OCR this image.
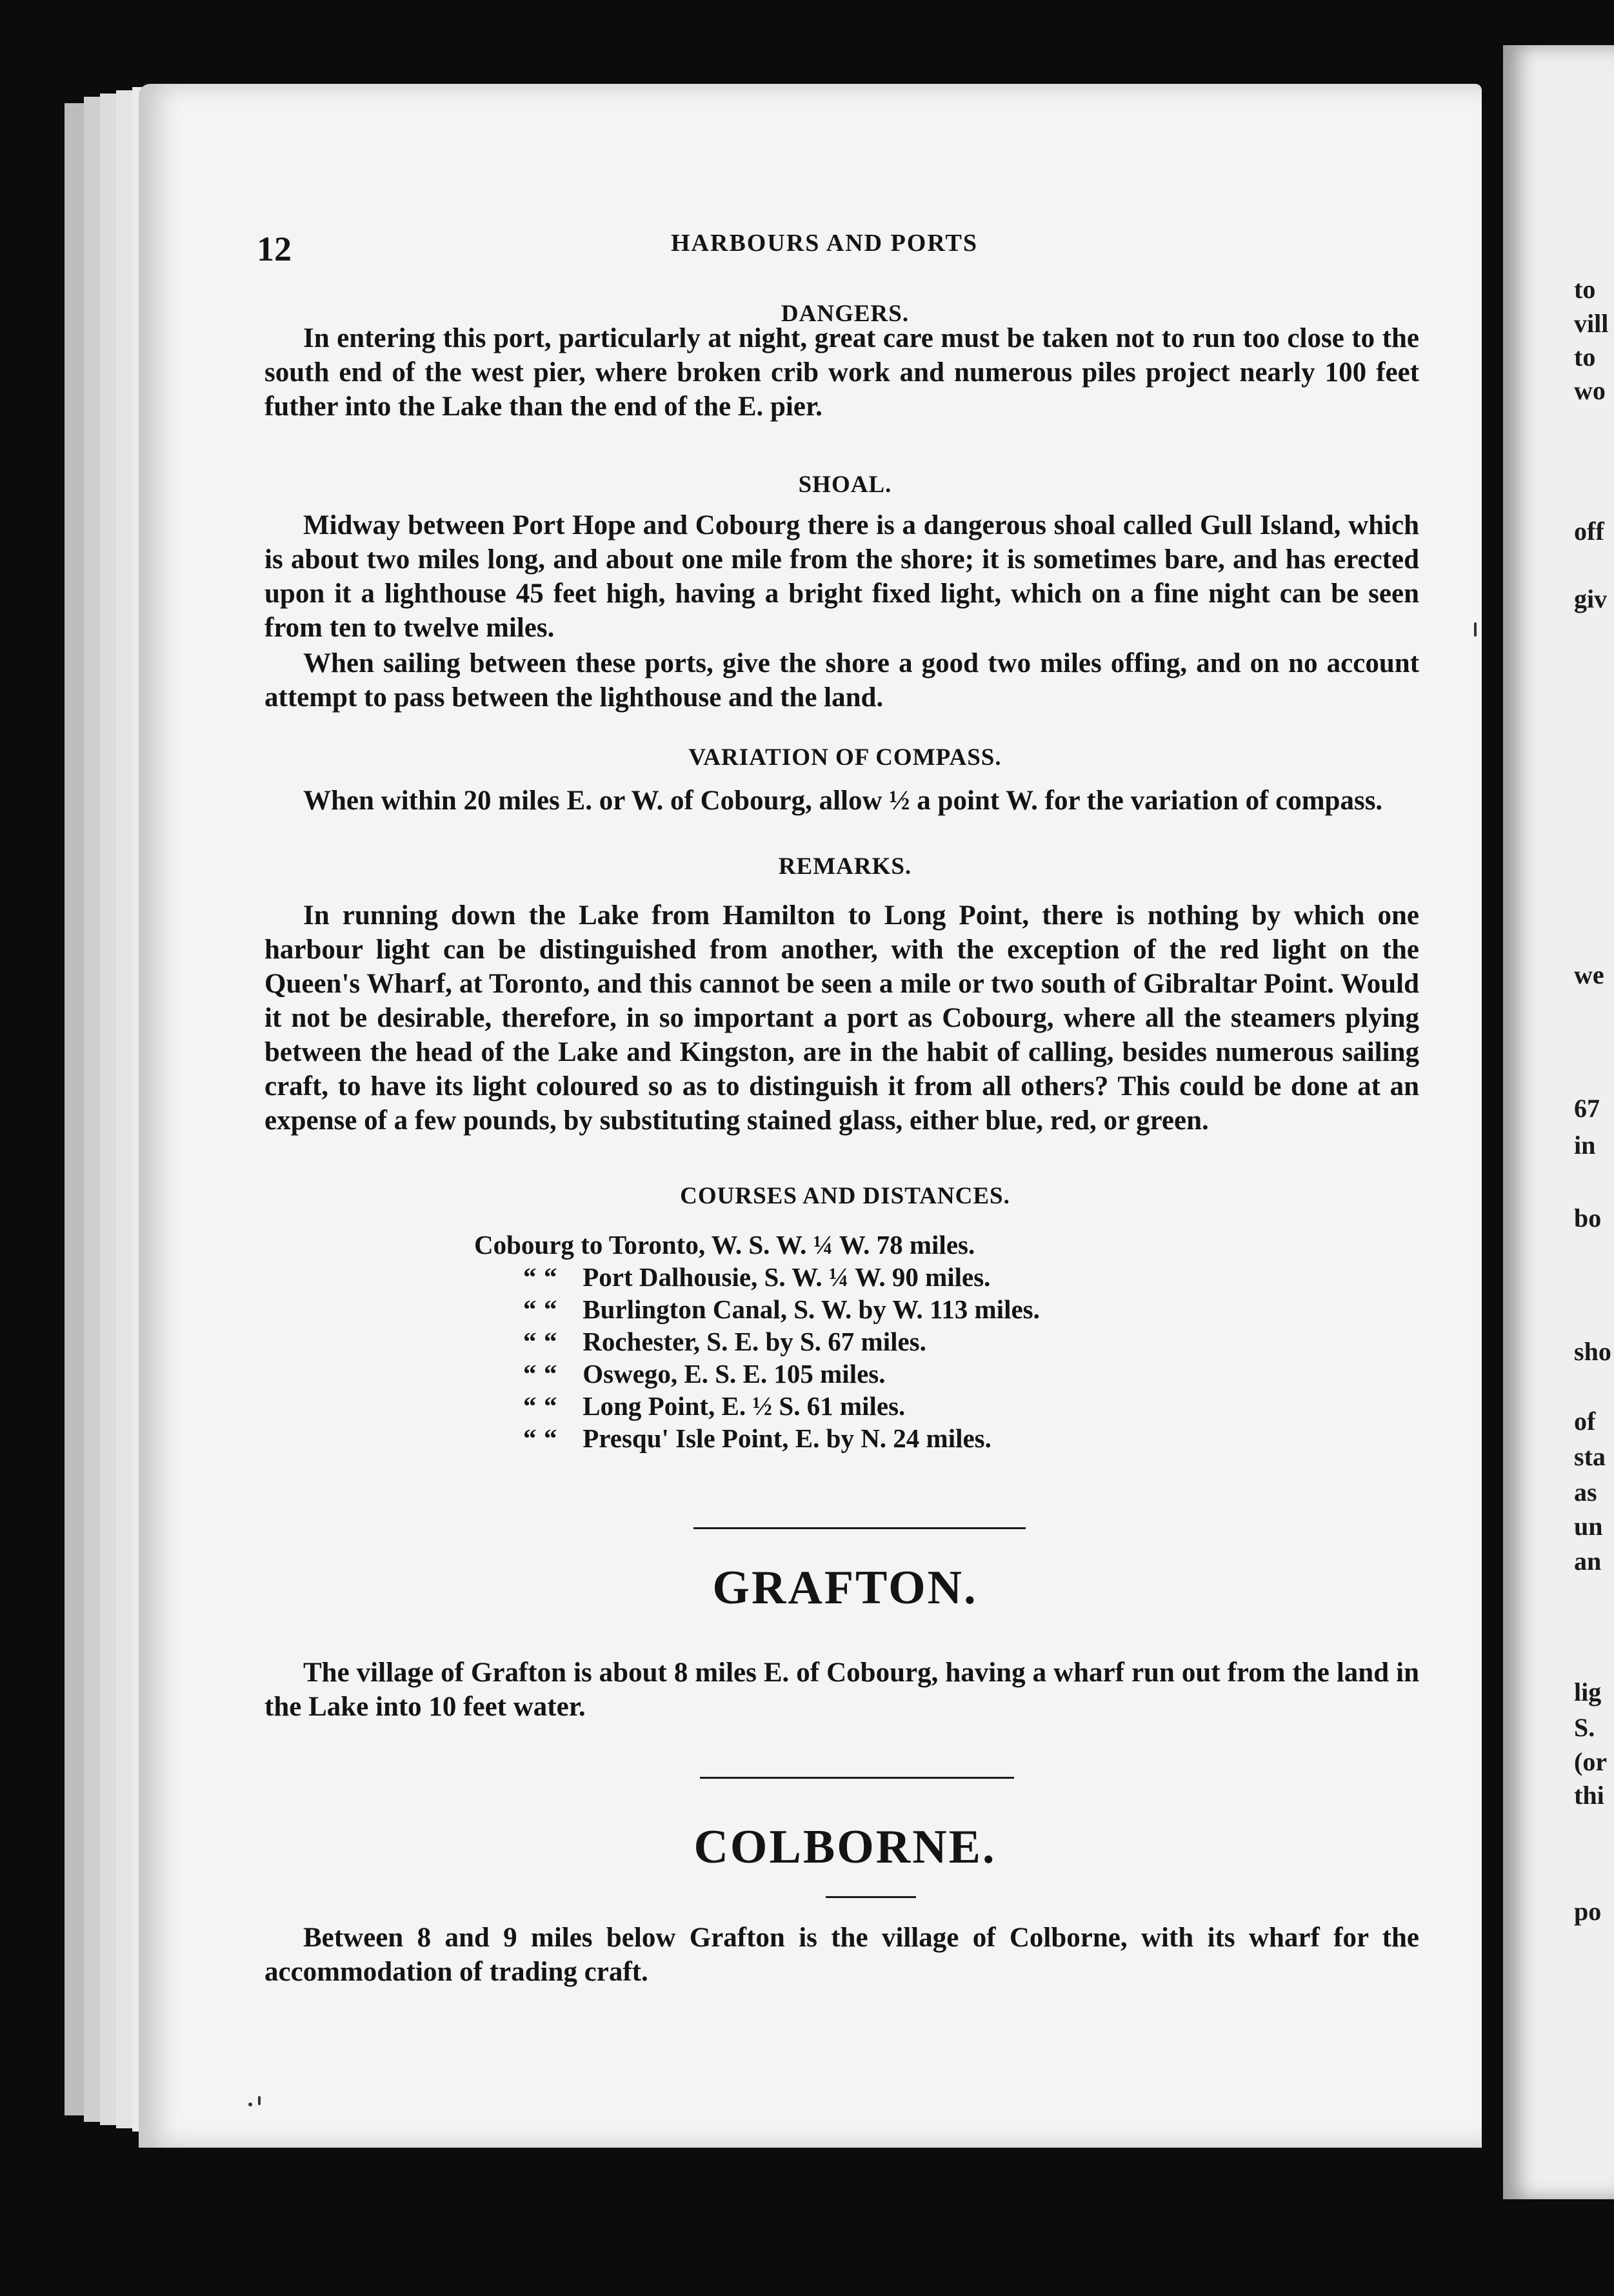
to
vill
to
wo
off
giv
we
67
in
bo
sho
of
sta
as
un
an
lig
S.
(or
thi
po
12	HARBOURS AND PORTS
DANGERS.

In entering this port, particularly at night, great care must be taken not to run too close to the south end of the west pier, where broken crib work and numerous piles project nearly 100 feet futher into the Lake than the end of the E. pier.

SHOAL.

Midway between Port Hope and Cobourg there is a dangerous shoal called Gull Island, which is about two miles long, and about one mile from the shore; it is sometimes bare, and has erected upon it a lighthouse 45 feet high, having a bright fixed light, which on a fine night can be seen from ten to twelve miles.

When sailing between these ports, give the shore a good two miles offing, and on no account attempt to pass between the lighthouse and the land.

VARIATION OF COMPASS.

When within 20 miles E. or W. of Cobourg, allow ½ a point W. for the variation of compass.

REMARKS.

In running down the Lake from Hamilton to Long Point, there is nothing by which one harbour light can be distinguished from another, with the exception of the red light on the Queen's Wharf, at Toronto, and this cannot be seen a mile or two south of Gibraltar Point. Would it not be desirable, therefore, in so important a port as Cobourg, where all the steamers plying between the head of the Lake and Kingston, are in the habit of calling, besides numerous sailing craft, to have its light coloured so as to distinguish it from all others? This could be done at an expense of a few pounds, by substituting stained glass, either blue, red, or green.

COURSES AND DISTANCES.
Cobourg to Toronto, W. S. W. ¼ W. 78 miles.
“ “ Port Dalhousie, S. W. ¼ W. 90 miles.
“ “ Burlington Canal, S. W. by W. 113 miles.
“ “ Rochester, S. E. by S. 67 miles.
“ “ Oswego, E. S. E. 105 miles.
“ “ Long Point, E. ½ S. 61 miles.
“ “ Presqu' Isle Point, E. by N. 24 miles.
GRAFTON.

The village of Grafton is about 8 miles E. of Cobourg, having a wharf run out from the land in the Lake into 10 feet water.

COLBORNE.

Between 8 and 9 miles below Grafton is the village of Colborne, with its wharf for the accommodation of trading craft.
